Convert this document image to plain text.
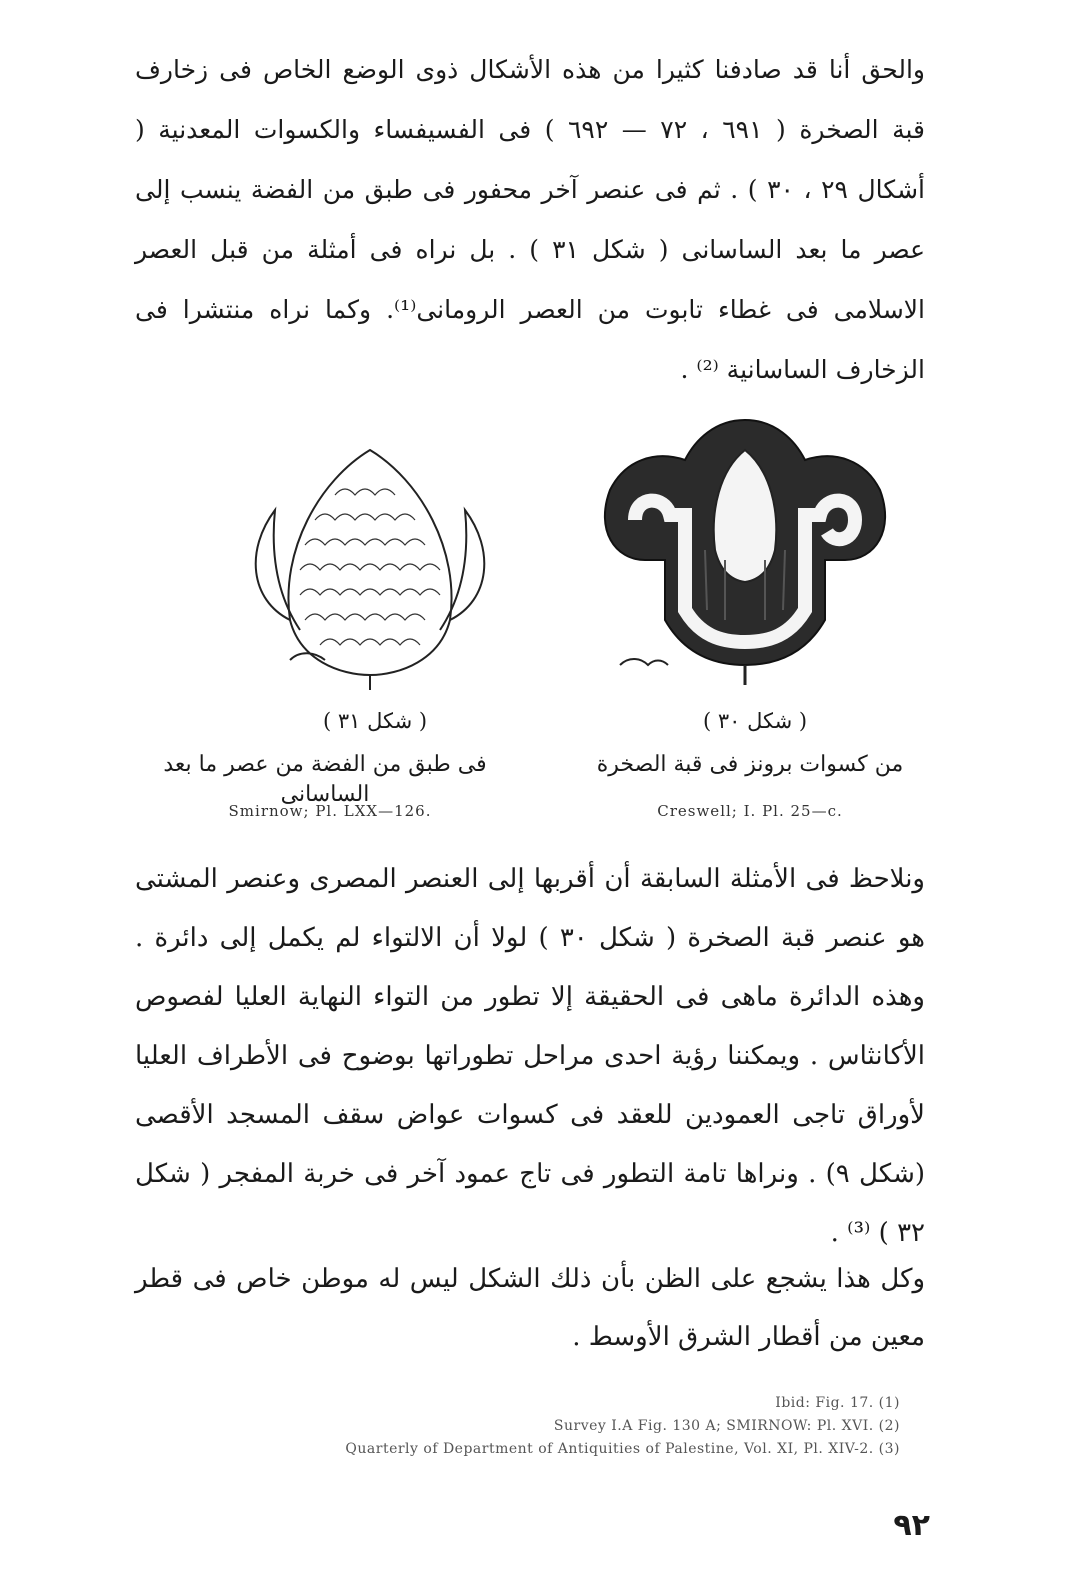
والحق أنا قد صادفنا كثيرا من هذه الأشكال ذوى الوضع الخاص فى زخارف قبة الصخرة ( ٦٩١ ، ٧٢ — ٦٩٢ ) فى الفسيفساء والكسوات المعدنية ( أشكال ٢٩ ، ٣٠ ) . ثم فى عنصر آخر محفور فى طبق من الفضة ينسب إلى عصر ما بعد الساسانى ( شكل ٣١ ) . بل نراه فى أمثلة من قبل العصر الاسلامى فى غطاء تابوت من العصر الرومانى⁽¹⁾. وكما نراه منتشرا فى الزخارف الساسانية ⁽²⁾ .

( شكل ٣١ )

فى طبق من الفضة من عصر ما بعد الساسانى

Smirnow; Pl. LXX—126.

( شكل ٣٠ )

من كسوات برونز فى قبة الصخرة

Creswell; I. Pl. 25—c.

ونلاحظ فى الأمثلة السابقة أن أقربها إلى العنصر المصرى وعنصر المشتى هو عنصر قبة الصخرة ( شكل ٣٠ ) لولا أن الالتواء لم يكمل إلى دائرة . وهذه الدائرة ماهى فى الحقيقة إلا تطور من التواء النهاية العليا لفصوص الأكانثاس . ويمكننا رؤية احدى مراحل تطوراتها بوضوح فى الأطراف العليا لأوراق تاجى العمودين للعقد فى كسوات عواض سقف المسجد الأقصى (شكل ٩) . ونراها تامة التطور فى تاج عمود آخر فى خربة المفجر ( شكل ٣٢ ) ⁽³⁾ .

وكل هذا يشجع على الظن بأن ذلك الشكل ليس له موطن خاص فى قطر معين من أقطار الشرق الأوسط .

Ibid: Fig. 17. (1)
Survey I.A Fig. 130 A; SMIRNOW: Pl. XVI. (2)
Quarterly of Department of Antiquities of Palestine, Vol. XI, Pl. XIV-2. (3)
٩٢
